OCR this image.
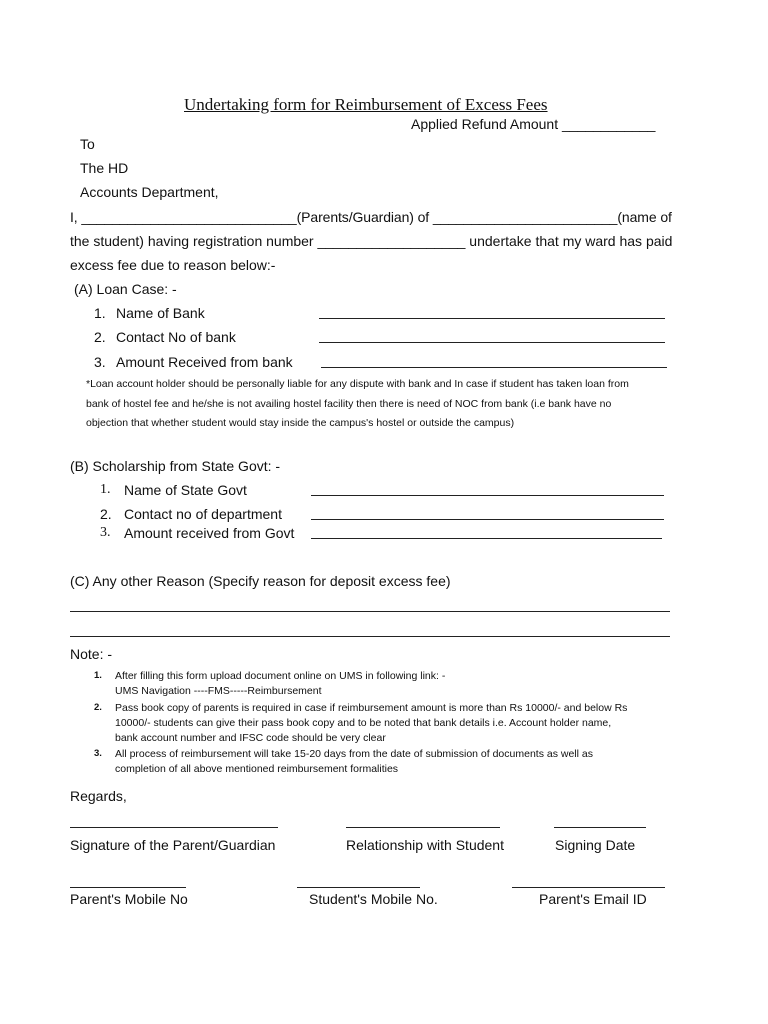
Undertaking form for Reimbursement of Excess Fees
Applied Refund Amount ____________
To
The HD
Accounts Department,
I, ____________________________(Parents/Guardian) of ________________________(name of
the student) having registration number ___________________ undertake that my ward has paid
excess fee due to reason below:-
(A) Loan Case: -
1. Name of Bank
2. Contact No of bank
3. Amount Received from bank
*Loan account holder should be personally liable for any dispute with bank and In case if student has taken loan from
bank of hostel fee and he/she is not availing hostel facility then there is need of NOC from bank (i.e bank have no
objection that whether student would stay inside the campus's hostel or outside the campus)
(B) Scholarship from State Govt: -
1. Name of State Govt
2. Contact no of department
3. Amount received from Govt
(C) Any other Reason (Specify reason for deposit excess fee)
Note: -
1. After filling this form upload document online on UMS in following link: -
UMS Navigation ----FMS-----Reimbursement
2. Pass book copy of parents is required in case if reimbursement amount is more than Rs 10000/- and below Rs
10000/- students can give their pass book copy and to be noted that bank details i.e. Account holder name,
bank account number and IFSC code should be very clear
3. All process of reimbursement will take 15-20 days from the date of submission of documents as well as
completion of all above mentioned reimbursement formalities
Regards,
Signature of the Parent/Guardian	Relationship with Student	Signing Date
Parent's Mobile No	Student's Mobile No.	Parent's Email ID
